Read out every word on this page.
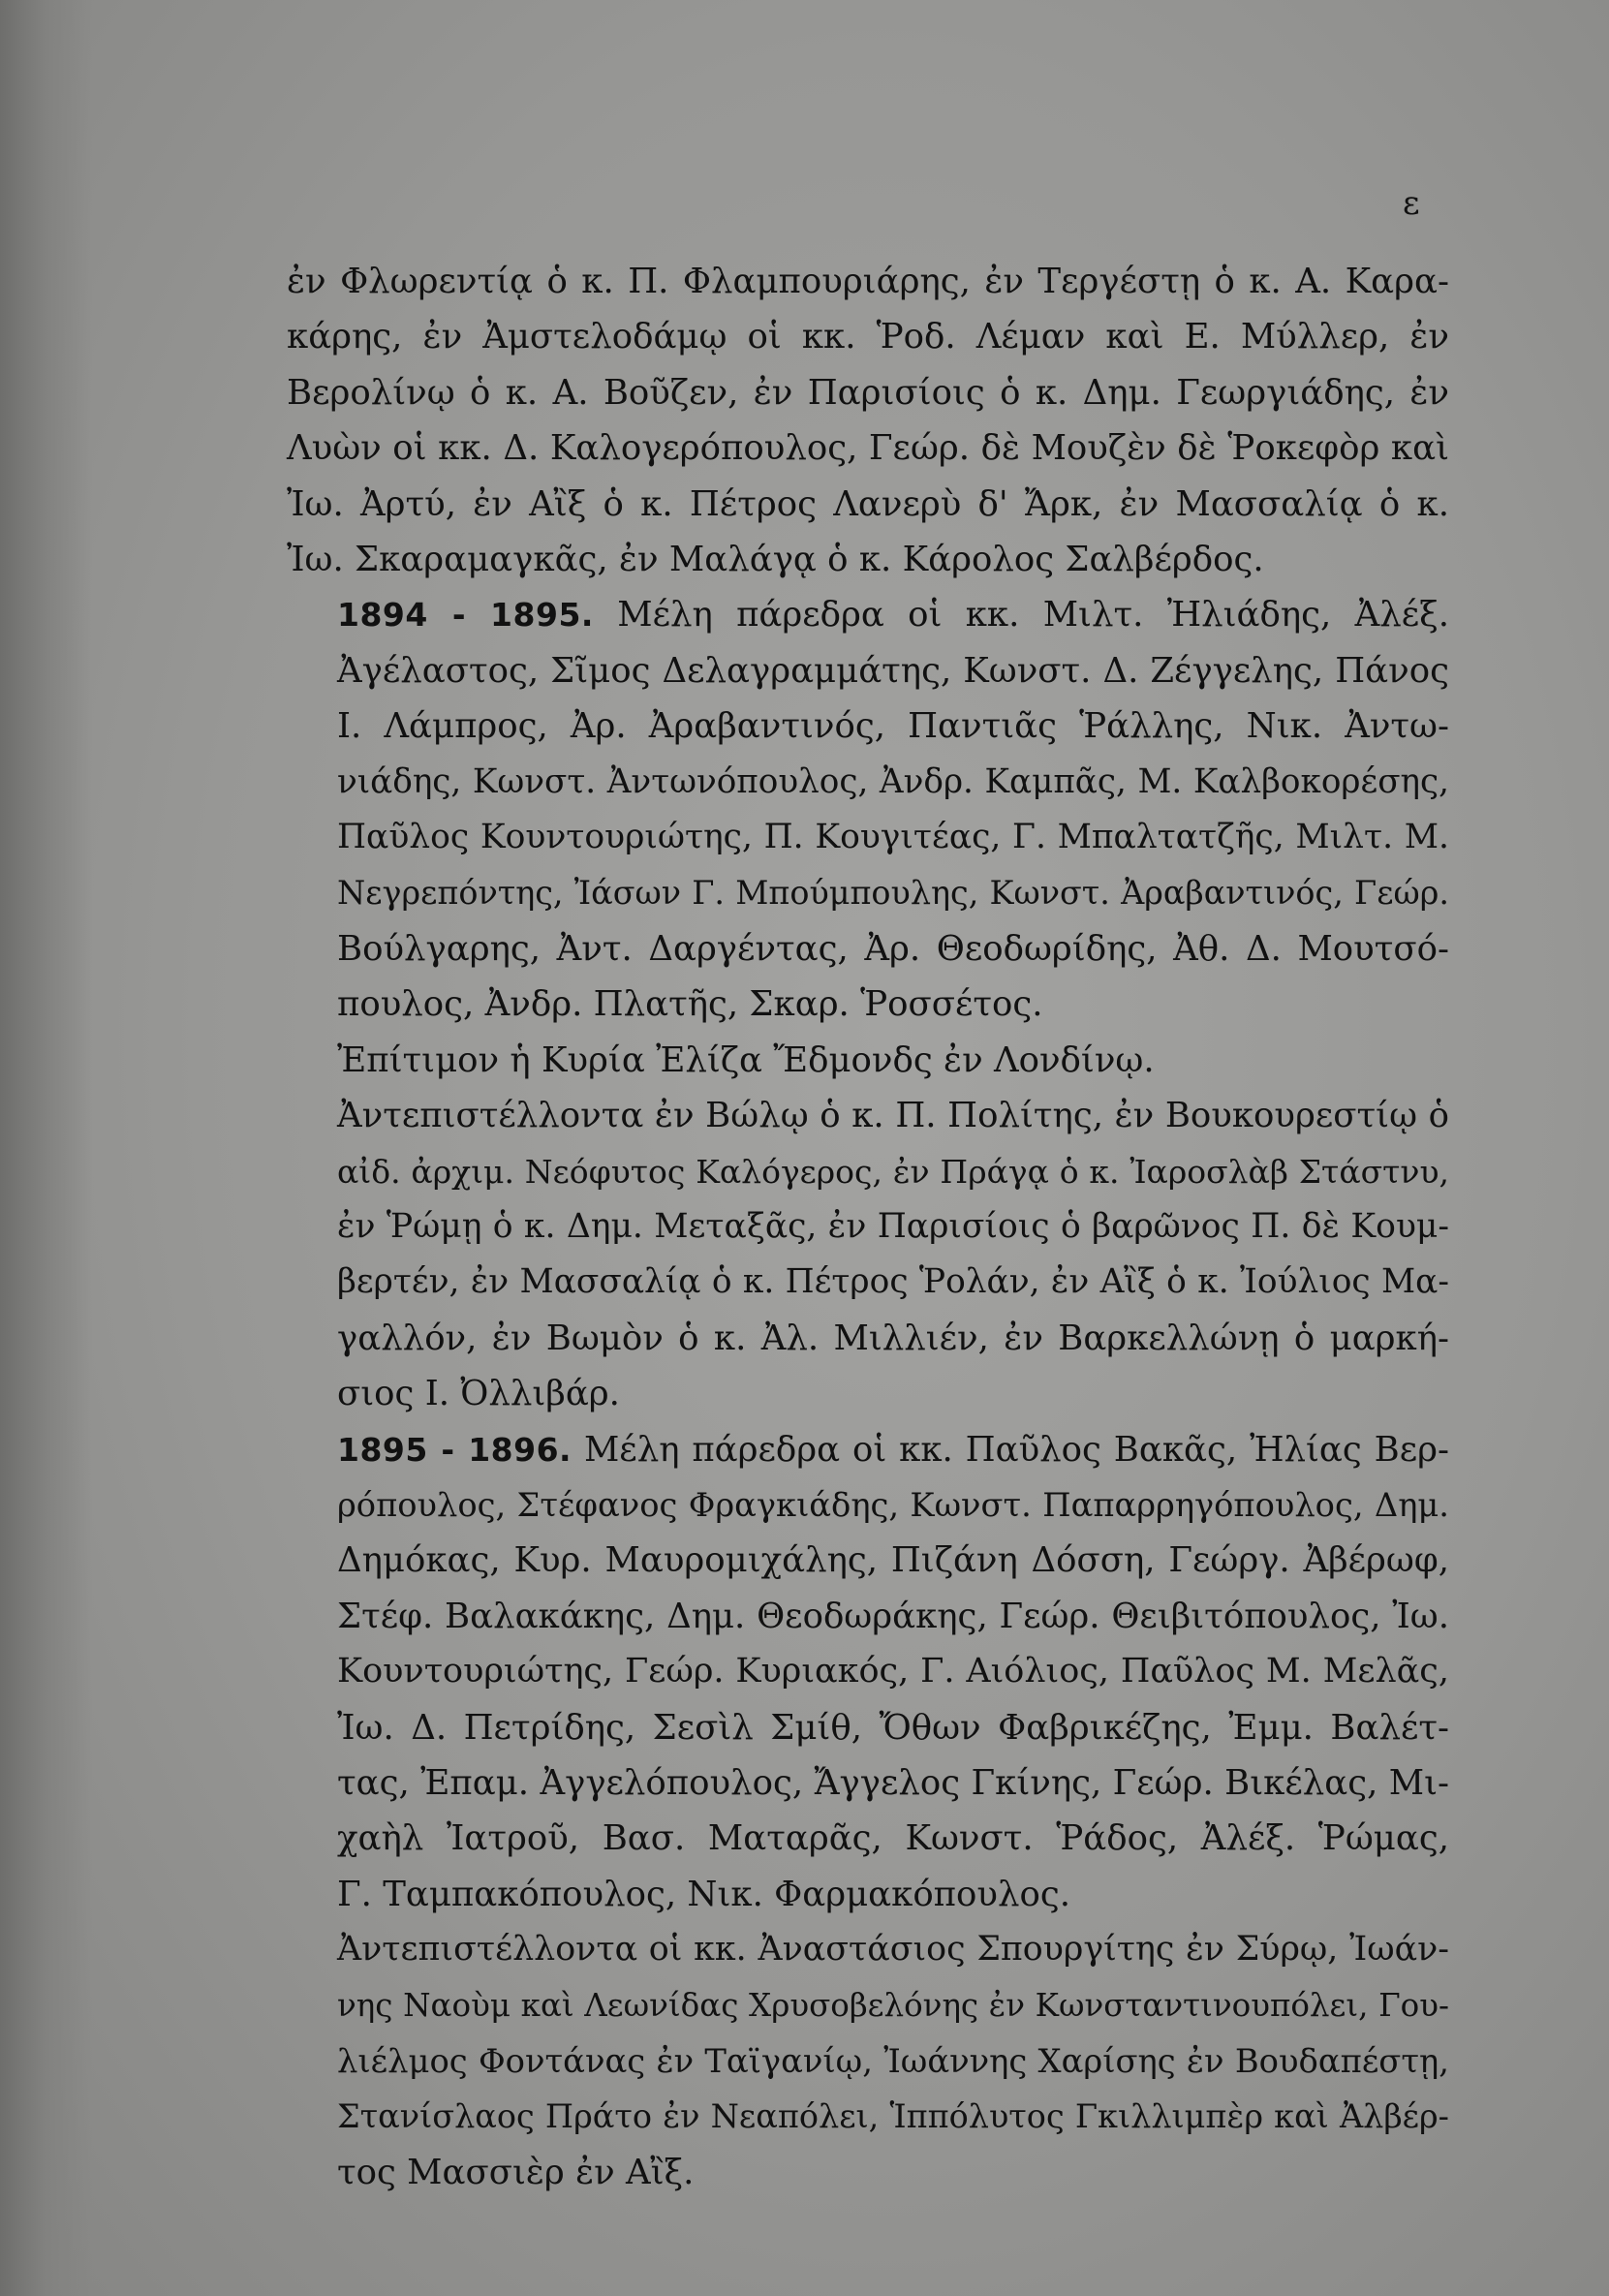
ε

ἐν Φλωρεντίᾳ ὁ κ. Π. Φλαμπουριάρης, ἐν Τεργέστῃ ὁ κ. Α. Καρα-
κάρης, ἐν Ἀμστελοδάμῳ οἱ κκ. Ῥοδ. Λέμαν καὶ Ε. Μύλλερ, ἐν
Βερολίνῳ ὁ κ. Α. Βοῦζεν, ἐν Παρισίοις ὁ κ. Δημ. Γεωργιάδης, ἐν
Λυὼν οἱ κκ. Δ. Καλογερόπουλος, Γεώρ. δὲ Μουζὲν δὲ Ῥοκεφὸρ καὶ
Ἰω. Ἀρτύ, ἐν Αἲξ ὁ κ. Πέτρος Λανερὺ δ' Ἄρκ, ἐν Μασσαλίᾳ ὁ κ.
Ἰω. Σκαραμαγκᾶς, ἐν Μαλάγᾳ ὁ κ. Κάρολος Σαλβέρδος.

1894 - 1895. Μέλη πάρεδρα οἱ κκ. Μιλτ. Ἠλιάδης, Ἀλέξ.
Ἀγέλαστος, Σῖμος Δελαγραμμάτης, Κωνστ. Δ. Ζέγγελης, Πάνος
Ι. Λάμπρος, Ἀρ. Ἀραβαντινός, Παντιᾶς Ῥάλλης, Νικ. Ἀντω-
νιάδης, Κωνστ. Ἀντωνόπουλος, Ἀνδρ. Καμπᾶς, Μ. Καλβοκορέσης,
Παῦλος Κουντουριώτης, Π. Κουγιτέας, Γ. Μπαλτατζῆς, Μιλτ. Μ.
Νεγρεπόντης, Ἰάσων Γ. Μπούμπουλης, Κωνστ. Ἀραβαντινός, Γεώρ.
Βούλγαρης, Ἀντ. Δαργέντας, Ἀρ. Θεοδωρίδης, Ἀθ. Δ. Μουτσό-
πουλος, Ἀνδρ. Πλατῆς, Σκαρ. Ῥοσσέτος.

Ἐπίτιμον ἡ Κυρία Ἐλίζα Ἔδμονδς ἐν Λονδίνῳ.

Ἀντεπιστέλλοντα ἐν Βώλῳ ὁ κ. Π. Πολίτης, ἐν Βουκουρεστίῳ ὁ
αἰδ. ἀρχιμ. Νεόφυτος Καλόγερος, ἐν Πράγᾳ ὁ κ. Ἰαροσλὰβ Στάστνυ,
ἐν Ῥώμῃ ὁ κ. Δημ. Μεταξᾶς, ἐν Παρισίοις ὁ βαρῶνος Π. δὲ Κουμ-
βερτέν, ἐν Μασσαλίᾳ ὁ κ. Πέτρος Ῥολάν, ἐν Αἲξ ὁ κ. Ἰούλιος Μα-
γαλλόν, ἐν Βωμὸν ὁ κ. Ἀλ. Μιλλιέν, ἐν Βαρκελλώνῃ ὁ μαρκή-
σιος Ι. Ὀλλιβάρ.

1895 - 1896. Μέλη πάρεδρα οἱ κκ. Παῦλος Βακᾶς, Ἠλίας Βερ-
ρόπουλος, Στέφανος Φραγκιάδης, Κωνστ. Παπαρρηγόπουλος, Δημ.
Δημόκας, Κυρ. Μαυρομιχάλης, Πιζάνη Δόσση, Γεώργ. Ἀβέρωφ,
Στέφ. Βαλακάκης, Δημ. Θεοδωράκης, Γεώρ. Θειβιτόπουλος, Ἰω.
Κουντουριώτης, Γεώρ. Κυριακός, Γ. Αιόλιος, Παῦλος Μ. Μελᾶς,
Ἰω. Δ. Πετρίδης, Σεσὶλ Σμίθ, Ὄθων Φαβρικέζης, Ἐμμ. Βαλέτ-
τας, Ἐπαμ. Ἀγγελόπουλος, Ἄγγελος Γκίνης, Γεώρ. Βικέλας, Μι-
χαὴλ Ἰατροῦ, Βασ. Ματαρᾶς, Κωνστ. Ῥάδος, Ἀλέξ. Ῥώμας,
Γ. Ταμπακόπουλος, Νικ. Φαρμακόπουλος.

Ἀντεπιστέλλοντα οἱ κκ. Ἀναστάσιος Σπουργίτης ἐν Σύρῳ, Ἰωάν-
νης Ναοὺμ καὶ Λεωνίδας Χρυσοβελόνης ἐν Κωνσταντινουπόλει, Γου-
λιέλμος Φοντάνας ἐν Ταϊγανίῳ, Ἰωάννης Χαρίσης ἐν Βουδαπέστῃ,
Στανίσλαος Πράτο ἐν Νεαπόλει, Ἱππόλυτος Γκιλλιμπὲρ καὶ Ἀλβέρ-
τος Μασσιὲρ ἐν Αἲξ.
